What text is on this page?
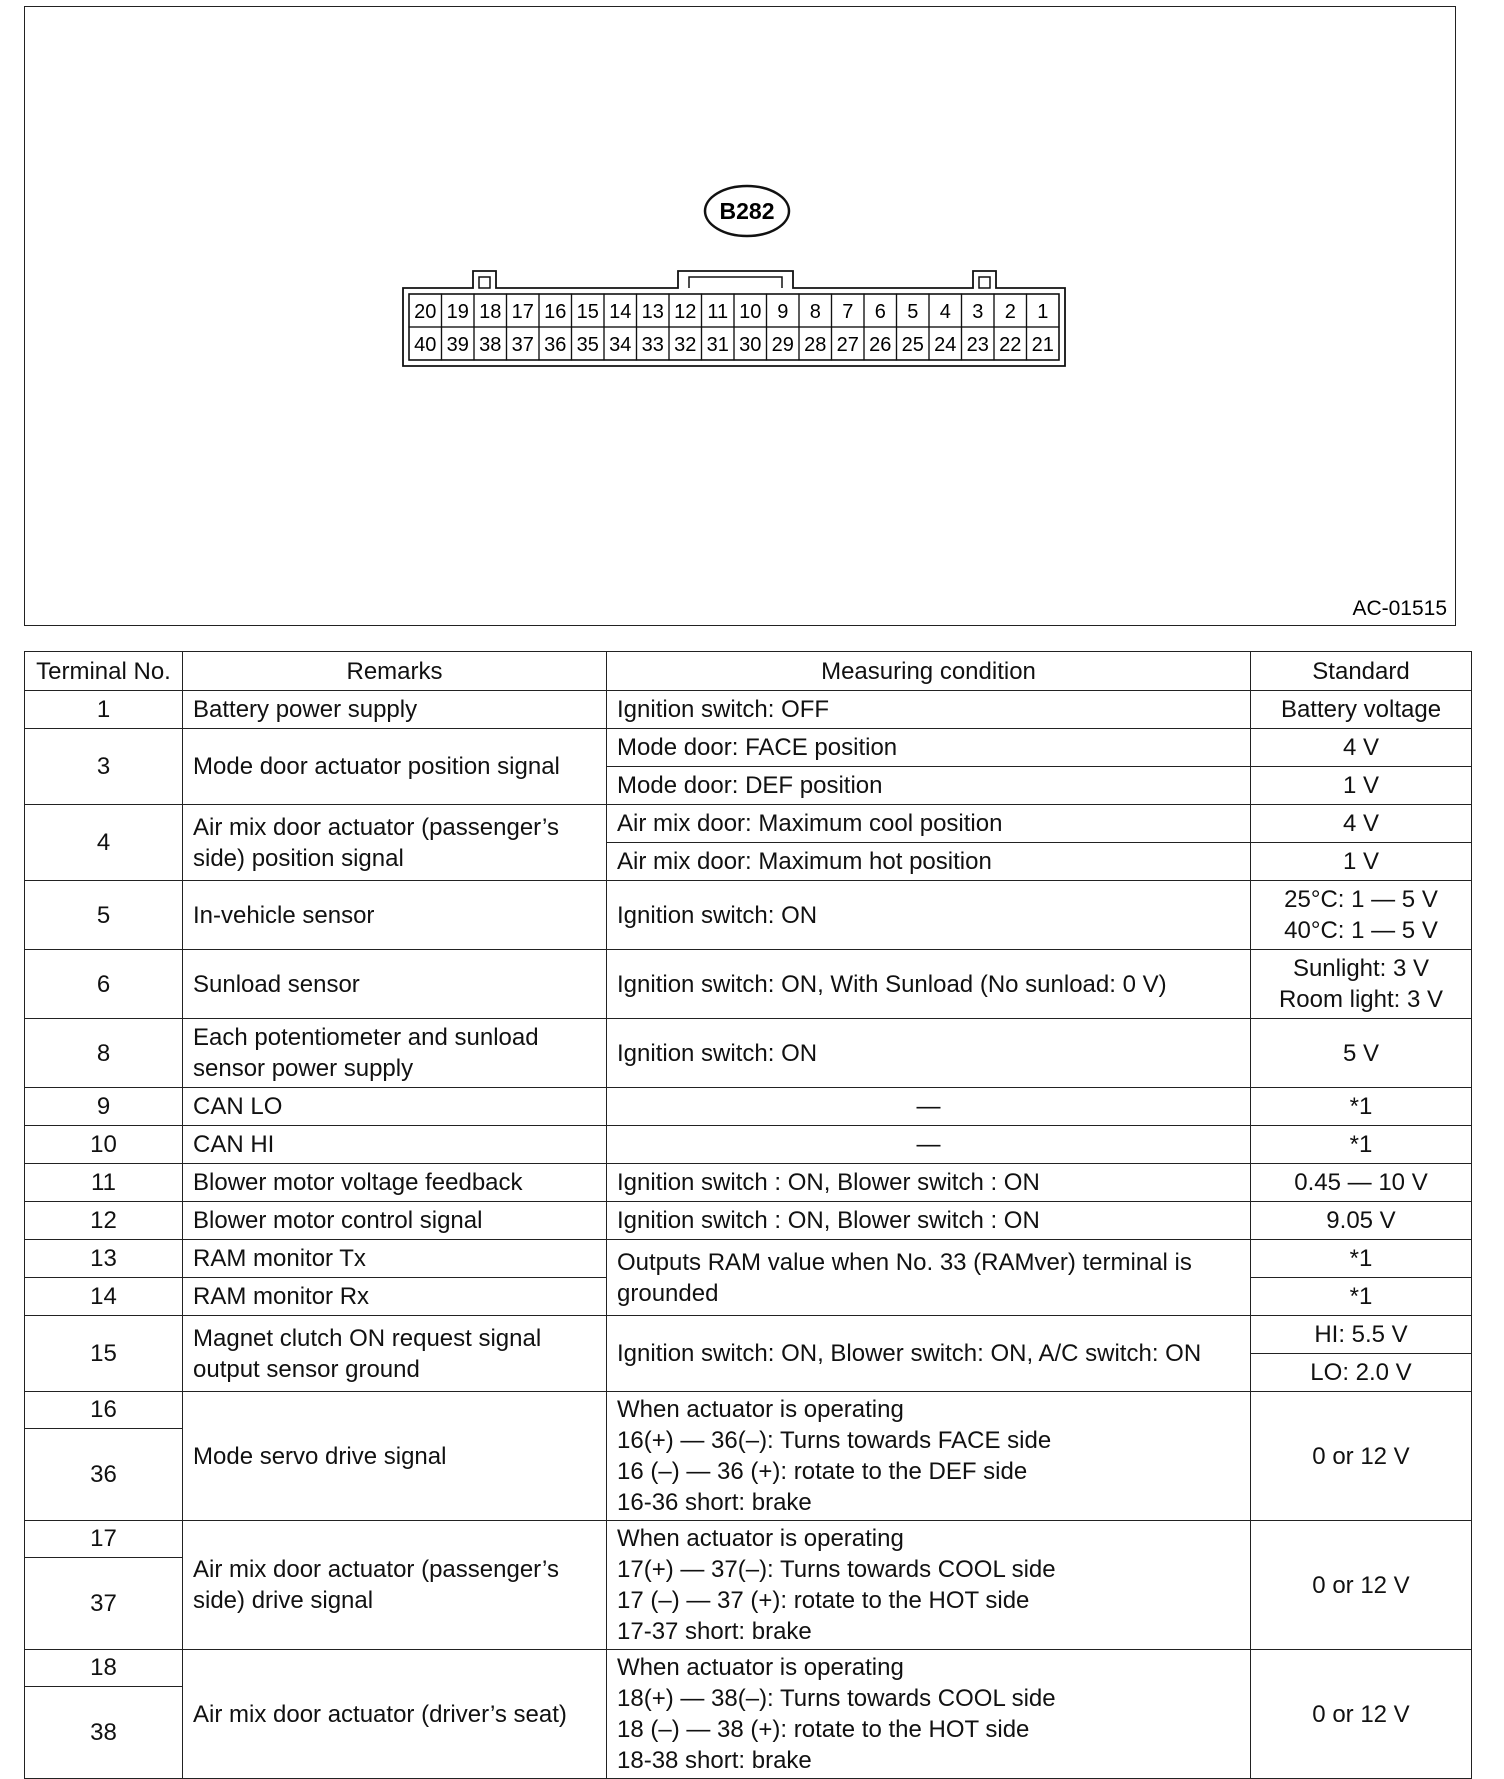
B282
20 19 18 17 16 15 14 13 12 11 10 9 8 7 6 5 4 3 2 1
40 39 38 37 36 35 34 33 32 31 30 29 28 27 26 25 24 23 22 21
AC-01515
Terminal No.	Remarks	Measuring condition	Standard
1	Battery power supply	Ignition switch: OFF	Battery voltage
3	Mode door actuator position signal	Mode door: FACE position	4 V
		Mode door: DEF position	1 V
4	Air mix door actuator (passenger’s side) position signal	Air mix door: Maximum cool position	4 V
		Air mix door: Maximum hot position	1 V
5	In-vehicle sensor	Ignition switch: ON	25°C: 1 — 5 V
40°C: 1 — 5 V
6	Sunload sensor	Ignition switch: ON, With Sunload (No sunload: 0 V)	Sunlight: 3 V
Room light: 3 V
8	Each potentiometer and sunload sensor power supply	Ignition switch: ON	5 V
9	CAN LO	—	*1
10	CAN HI	—	*1
11	Blower motor voltage feedback	Ignition switch : ON, Blower switch : ON	0.45 — 10 V
12	Blower motor control signal	Ignition switch : ON, Blower switch : ON	9.05 V
13	RAM monitor Tx	Outputs RAM value when No. 33 (RAMver) terminal is grounded	*1
14	RAM monitor Rx		*1
15	Magnet clutch ON request signal output sensor ground	Ignition switch: ON, Blower switch: ON, A/C switch: ON	HI: 5.5 V
			LO: 2.0 V
16	Mode servo drive signal	When actuator is operating
16(+) — 36(–): Turns towards FACE side
16 (–) — 36 (+): rotate to the DEF side
16-36 short: brake	0 or 12 V
36			
17	Air mix door actuator (passenger’s side) drive signal	When actuator is operating
17(+) — 37(–): Turns towards COOL side
17 (–) — 37 (+): rotate to the HOT side
17-37 short: brake	0 or 12 V
37			
18	Air mix door actuator (driver’s seat)	When actuator is operating
18(+) — 38(–): Turns towards COOL side
18 (–) — 38 (+): rotate to the HOT side
18-38 short: brake	0 or 12 V
38			
